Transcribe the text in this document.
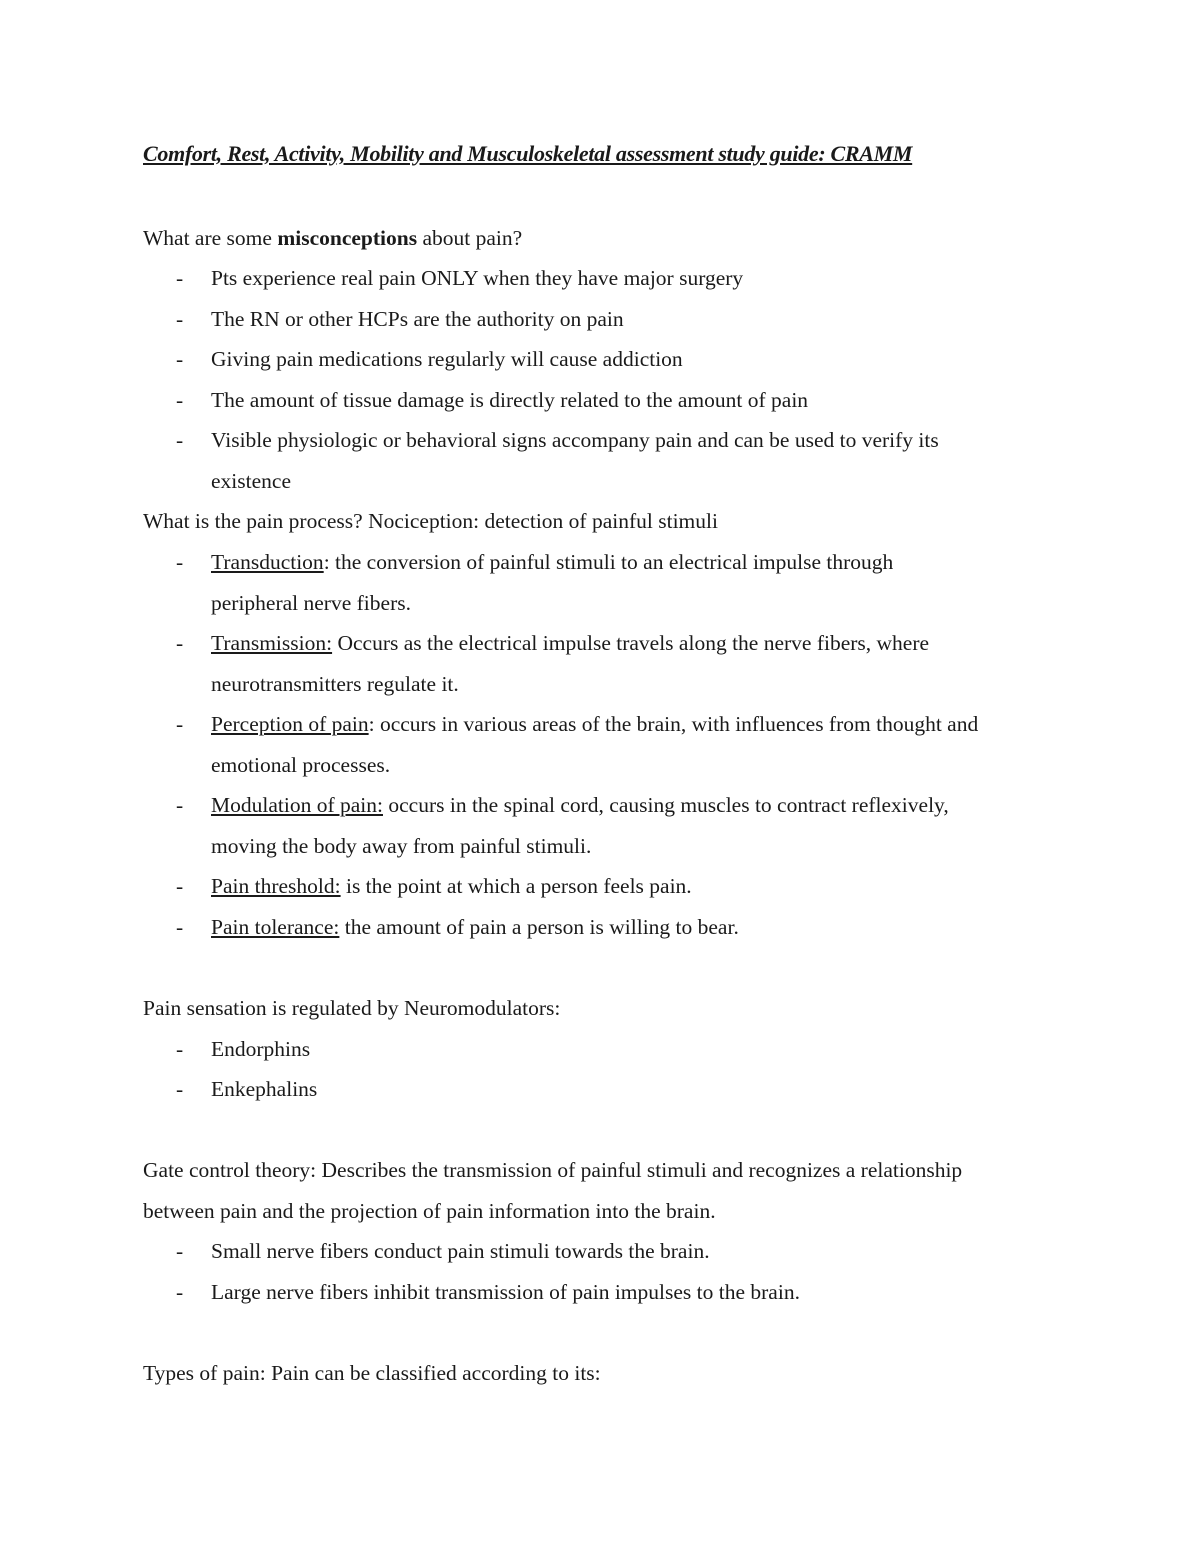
Comfort, Rest, Activity, Mobility and Musculoskeletal assessment study guide: CRAMM
What are some misconceptions about pain?
- Pts experience real pain ONLY when they have major surgery
- The RN or other HCPs are the authority on pain
- Giving pain medications regularly will cause addiction
- The amount of tissue damage is directly related to the amount of pain
- Visible physiologic or behavioral signs accompany pain and can be used to verify its
existence
What is the pain process? Nociception: detection of painful stimuli
- Transduction: the conversion of painful stimuli to an electrical impulse through
peripheral nerve fibers.
- Transmission: Occurs as the electrical impulse travels along the nerve fibers, where
neurotransmitters regulate it.
- Perception of pain: occurs in various areas of the brain, with influences from thought and
emotional processes.
- Modulation of pain: occurs in the spinal cord, causing muscles to contract reflexively,
moving the body away from painful stimuli.
- Pain threshold: is the point at which a person feels pain.
- Pain tolerance: the amount of pain a person is willing to bear.
Pain sensation is regulated by Neuromodulators:
- Endorphins
- Enkephalins
Gate control theory: Describes the transmission of painful stimuli and recognizes a relationship
between pain and the projection of pain information into the brain.
- Small nerve fibers conduct pain stimuli towards the brain.
- Large nerve fibers inhibit transmission of pain impulses to the brain.
Types of pain: Pain can be classified according to its:
